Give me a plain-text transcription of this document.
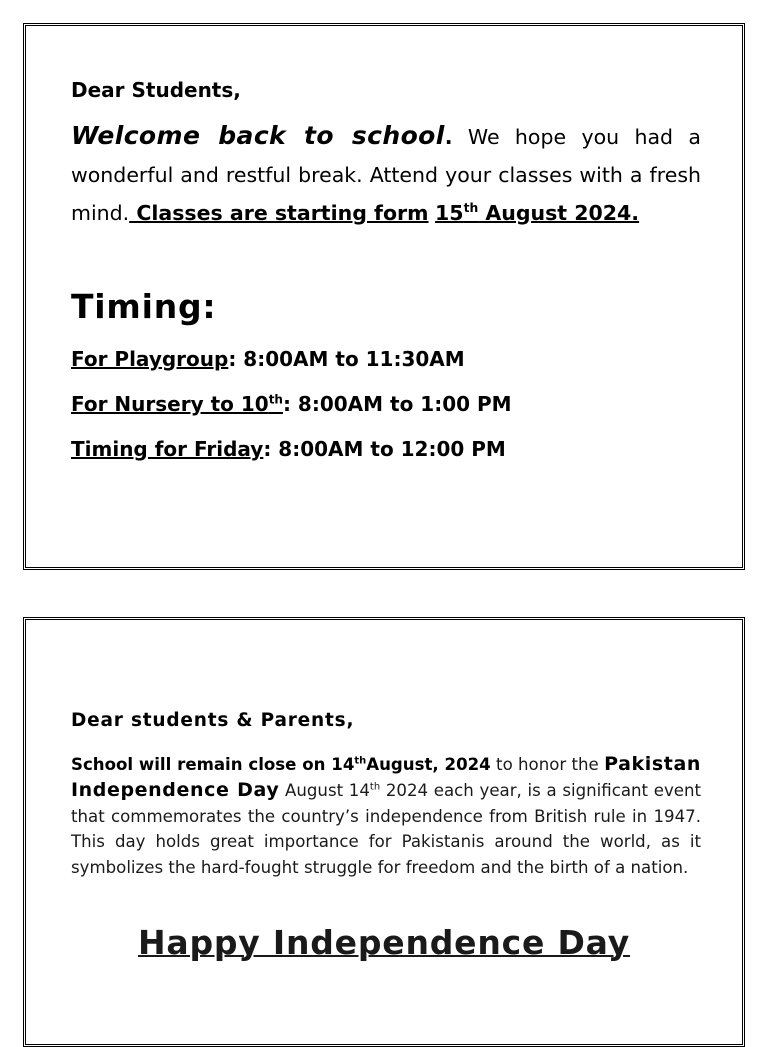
Dear Students,

Welcome back to school. We hope you had a wonderful and restful break. Attend your classes with a fresh mind. Classes are starting form 15th August 2024.

Timing:
For Playgroup: 8:00AM to 11:30AM
For Nursery to 10th: 8:00AM to 1:00 PM
Timing for Friday: 8:00AM to 12:00 PM
Dear students & Parents,

School will remain close on 14thAugust, 2024 to honor the Pakistan Independence Day August 14th 2024 each year, is a significant event that commemorates the country’s independence from British rule in 1947. This day holds great importance for Pakistanis around the world, as it symbolizes the hard-fought struggle for freedom and the birth of a nation.

Happy Independence Day
